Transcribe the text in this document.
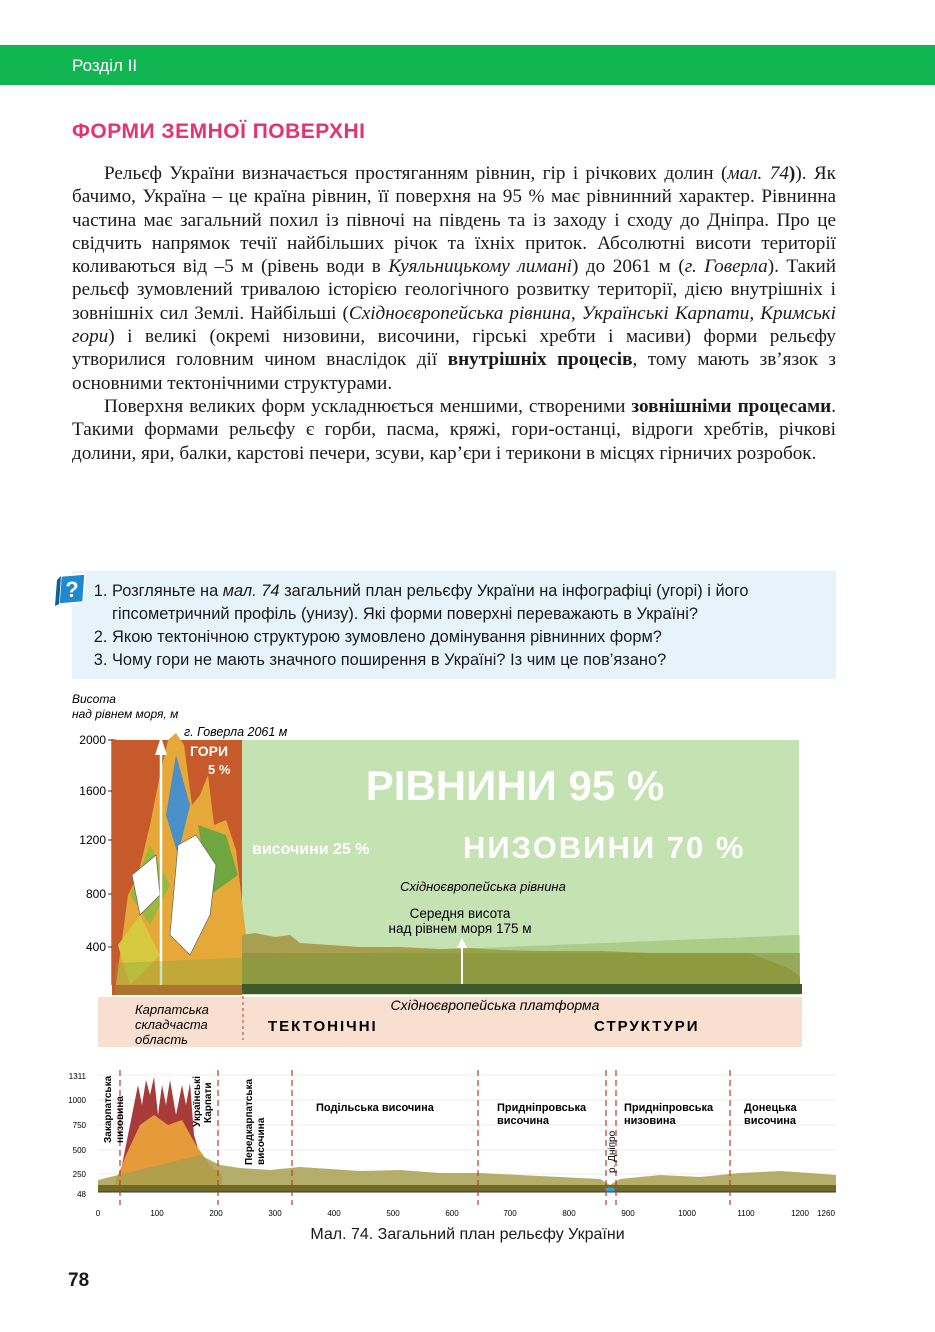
Розділ ІІ
ФОРМИ ЗЕМНОЇ ПОВЕРХНІ

Рельєф України визначається простяганням рівнин, гір і річкових долин (мал. 74)). Як бачимо, Україна – це країна рівнин, її поверхня на 95 % має рівнинний характер. Рівнинна частина має загальний похил із півночі на південь та із заходу і сходу до Дніпра. Про це свідчить напрямок течії найбільших річок та їхніх приток. Абсолютні висоти території коливаються від –5 м (рівень води в Куяльницькому лимані) до 2061 м (г. Говерла). Такий рельєф зумовлений тривалою історією геологічного розвитку території, дією внутрішніх і зовнішніх сил Землі. Найбільші (Східноєвропейська рівнина, Українські Карпати, Кримські гори) і великі (окремі низовини, височини, гірські хребти і масиви) форми рельєфу утворилися головним чином внаслідок дії внутрішніх процесів, тому мають зв’язок з основними тектонічними структурами.

Поверхня великих форм ускладнюється меншими, створеними зовнішніми процесами. Такими формами рельєфу є горби, пасма, кряжі, гори-останці, відроги хребтів, річкові долини, яри, балки, карстові печери, зсуви, кар’єри і терикони в місцях гірничих розробок.

1. Розгляньте на мал. 74 загальний план рельєфу України на інфографіці (угорі) і його гіпсометричний профіль (унизу). Які форми поверхні переважають в Україні?
2. Якою тектонічною структурою зумовлено домінування рівнинних форм?
3. Чому гори не мають значного поширення в Україні? Із чим це пов’язано?
?
Висота
над рівнем моря, м
2000
1600
1200
800
400
г. Говерла 2061 м
ГОРИ
5 %	РІВНИНИ 95 %
височини 25 %	НИЗОВИНИ 70 %
Східноєвропейська рівнина
Середня висота
над рівнем моря 175 м
Східноєвропейська платформа
ТЕКТОНІЧНІ	СТРУКТУРИ
Карпатська
складчаста
область
1311
1000
750
500
250
48
Закарпатська низовина	Українські Карпати	Передкарпатська височина
Подільська височина	Придніпровська
височина
р. Дніпро
Придніпровська
низовина
Донецька
височина
0	100	200	300	400	500	600	700	800	900	1000	1100	1200 1260
Мал. 74. Загальний план рельєфу України
78
